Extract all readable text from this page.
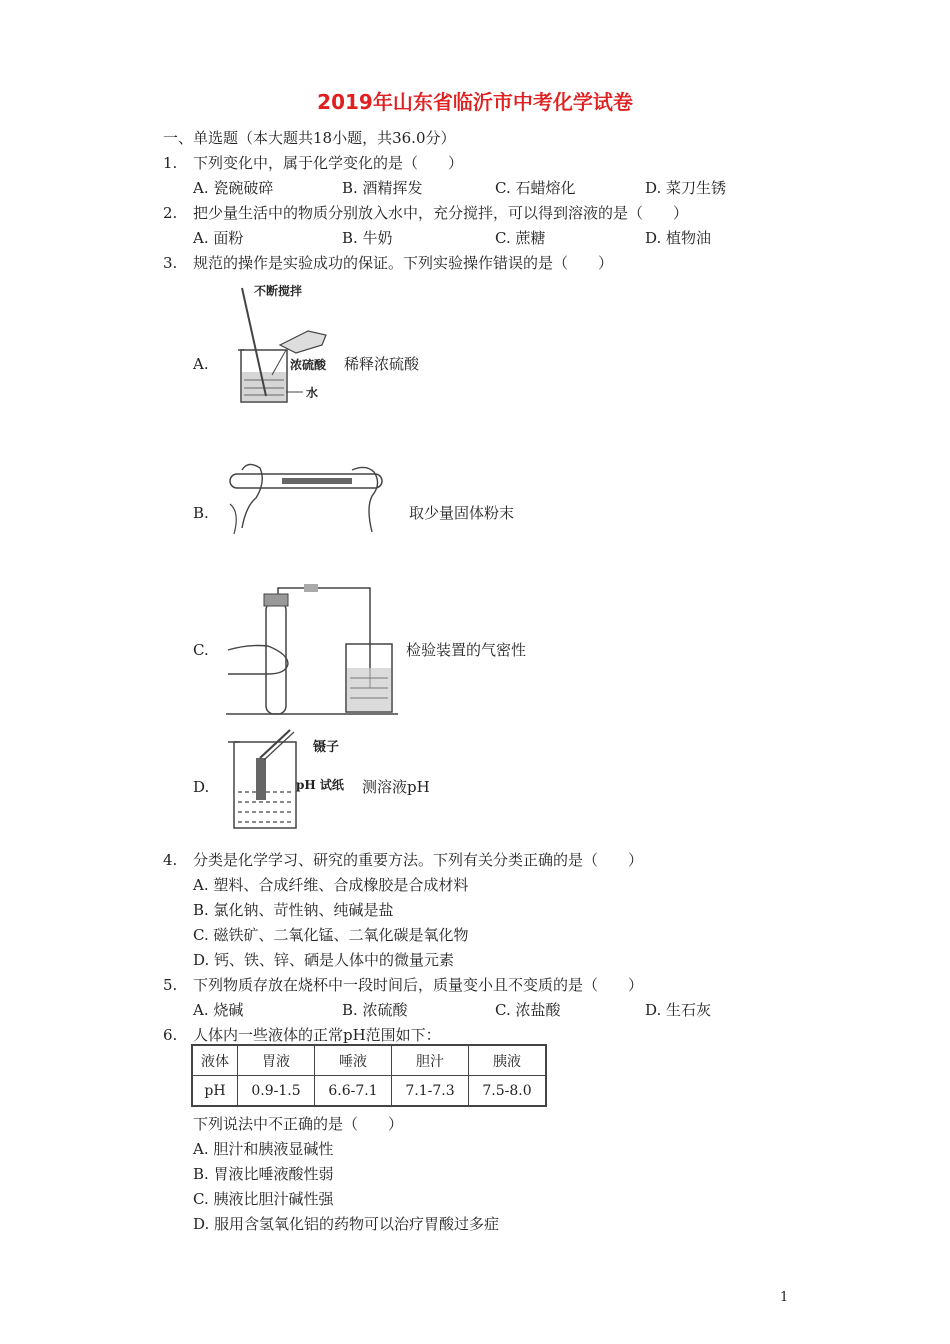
2019年山东省临沂市中考化学试卷
一、单选题（本大题共18小题，共36.0分）
1. 下列变化中，属于化学变化的是（　　）
A. 瓷碗破碎	B. 酒精挥发	C. 石蜡熔化	D. 菜刀生锈
2. 把少量生活中的物质分别放入水中，充分搅拌，可以得到溶液的是（　　）
A. 面粉	B. 牛奶	C. 蔗糖	D. 植物油
3. 规范的操作是实验成功的保证。下列实验操作错误的是（　　）
A.
不断搅拌
浓硫酸
水
稀释浓硫酸
B.	取少量固体粉末
C.	检验装置的气密性
D.
镊子
pH 试纸 测溶液pH
4. 分类是化学学习、研究的重要方法。下列有关分类正确的是（　　）
A. 塑料、合成纤维、合成橡胶是合成材料
B. 氯化钠、苛性钠、纯碱是盐
C. 磁铁矿、二氧化锰、二氧化碳是氧化物
D. 钙、铁、锌、硒是人体中的微量元素
5. 下列物质存放在烧杯中一段时间后，质量变小且不变质的是（　　）
A. 烧碱	B. 浓硫酸	C. 浓盐酸	D. 生石灰
6. 人体内一些液体的正常pH范围如下：
液体	胃液	唾液	胆汁	胰液
pH	0.9-1.5	6.6-7.1	7.1-7.3	7.5-8.0
下列说法中不正确的是（　　）
A. 胆汁和胰液显碱性
B. 胃液比唾液酸性弱
C. 胰液比胆汁碱性强
D. 服用含氢氧化铝的药物可以治疗胃酸过多症
1
